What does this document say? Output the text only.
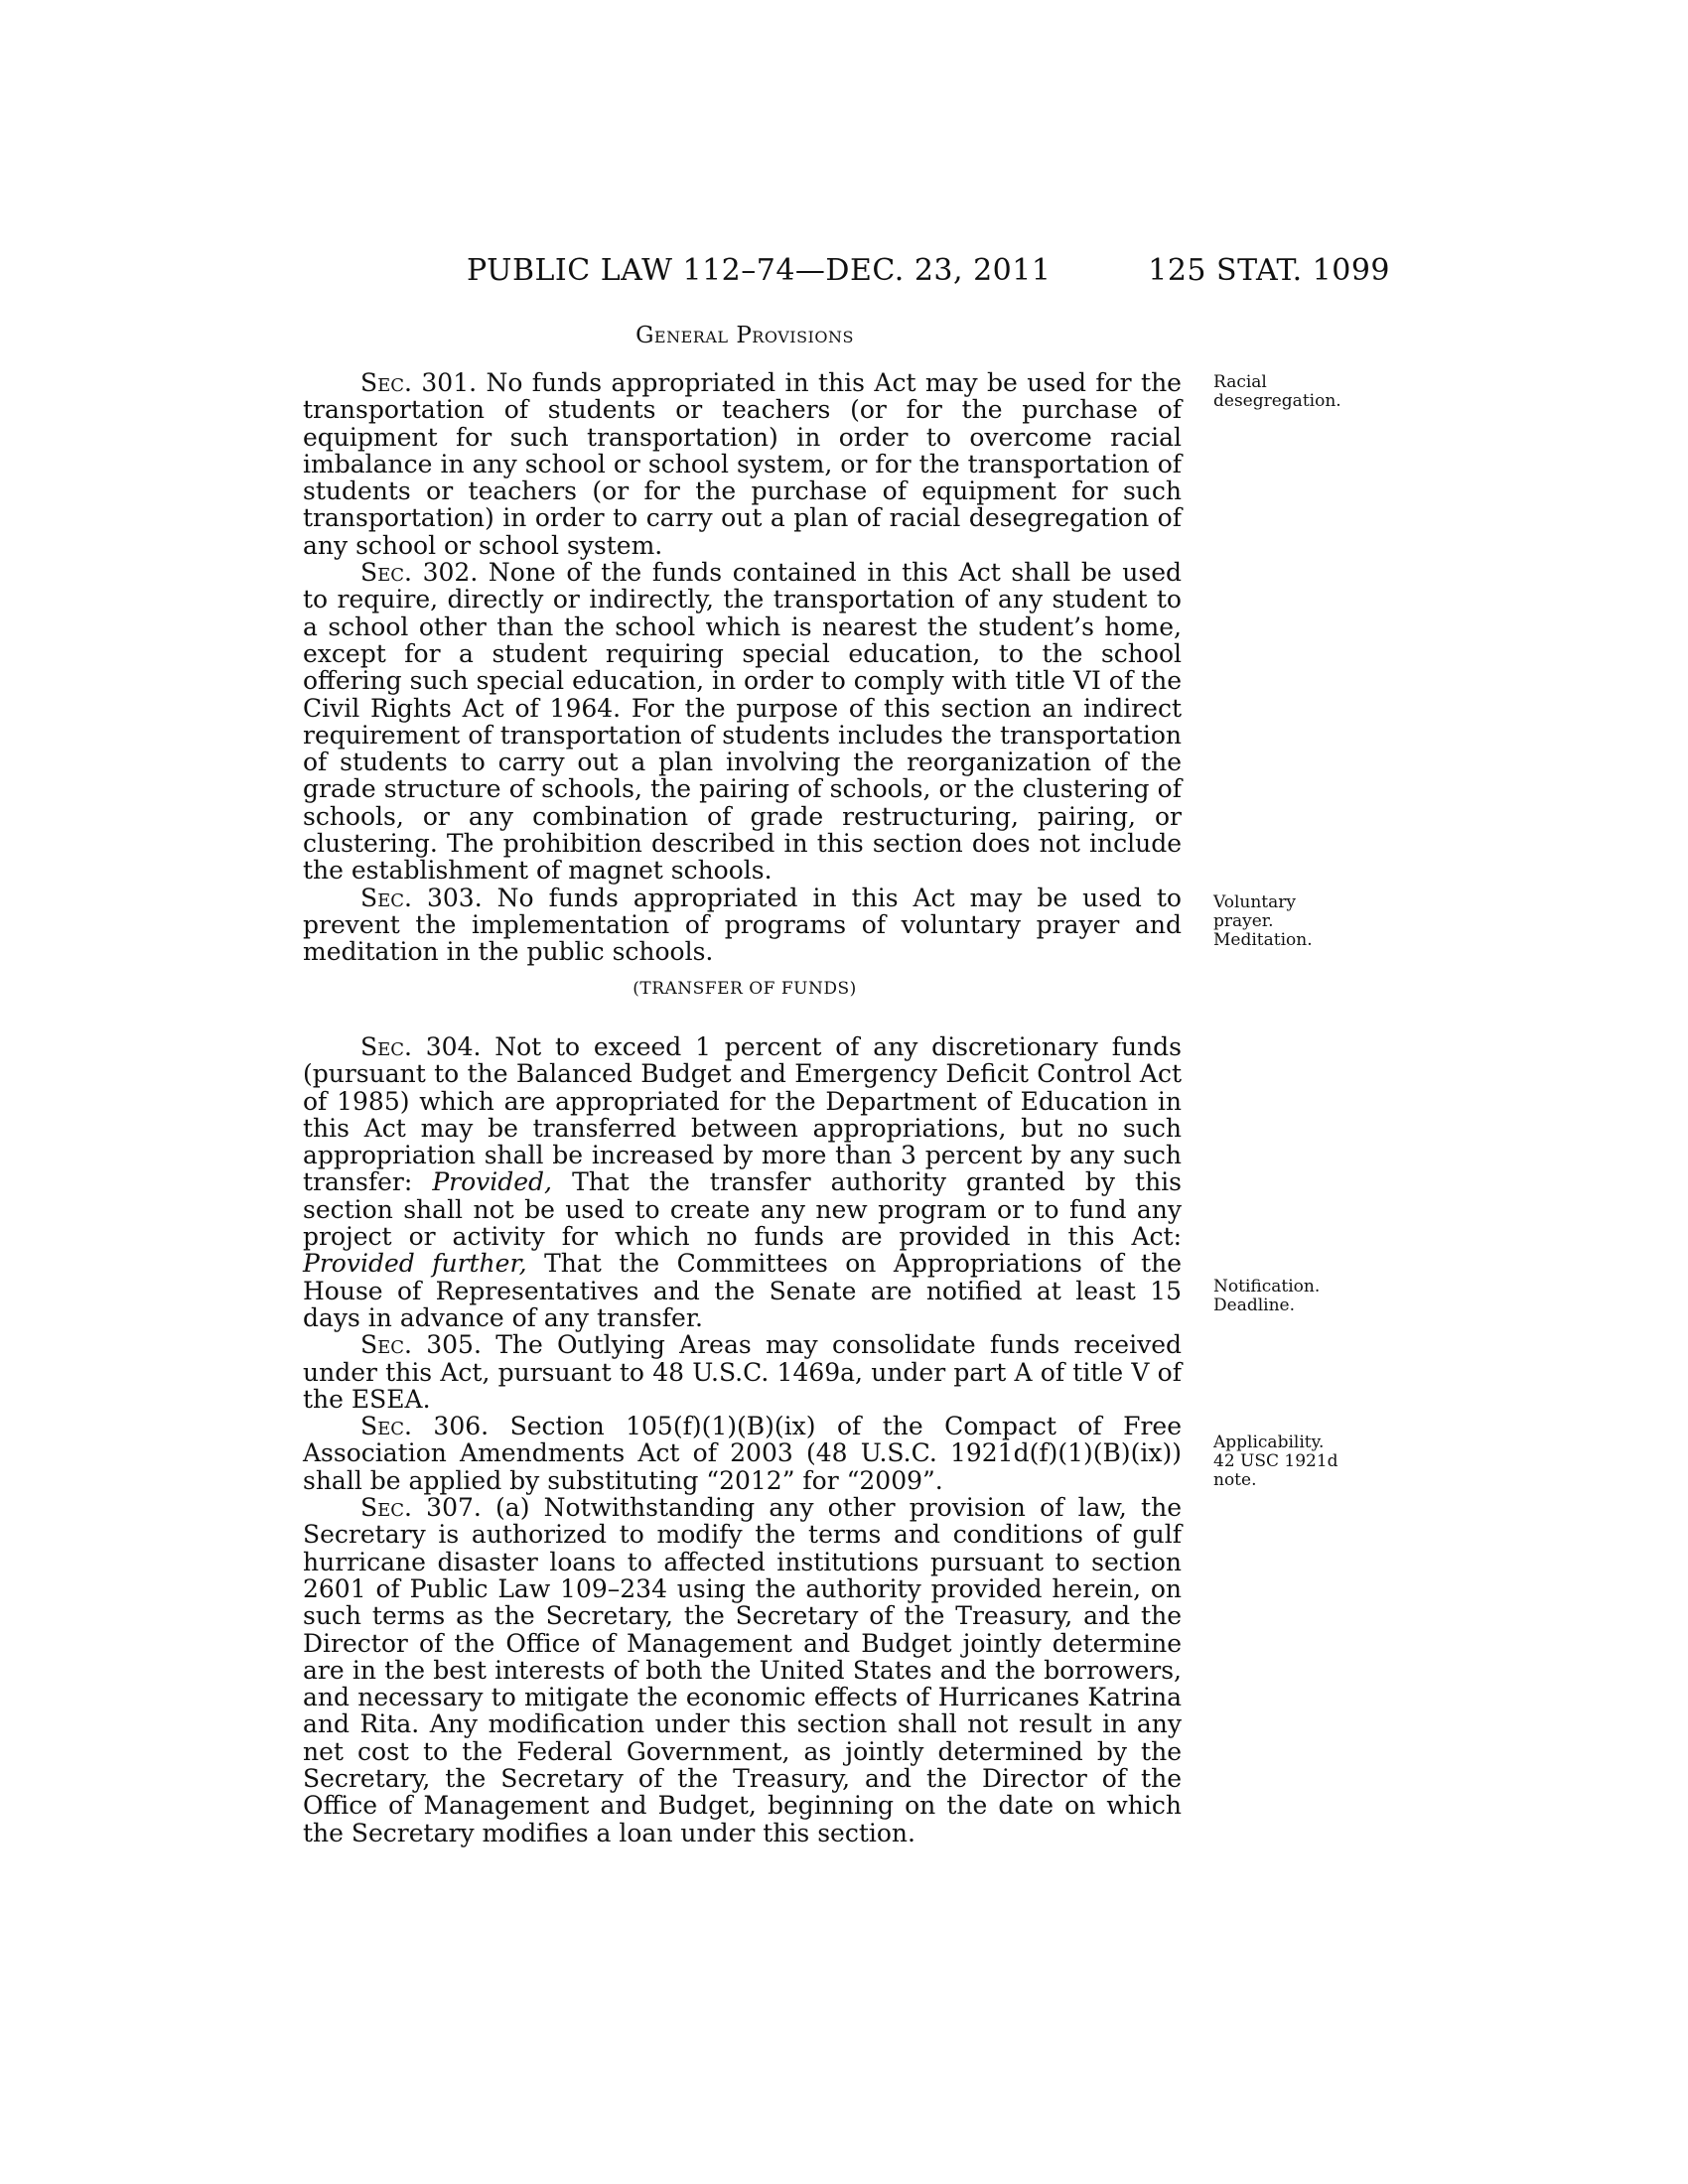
PUBLIC LAW 112–74—DEC. 23, 2011	125 STAT. 1099
General Provisions

Sec. 301. No funds appropriated in this Act may be used for the transportation of students or teachers (or for the purchase of equipment for such transportation) in order to overcome racial imbalance in any school or school system, or for the transportation of students or teachers (or for the purchase of equipment for such transportation) in order to carry out a plan of racial desegregation of any school or school system.

Sec. 302. None of the funds contained in this Act shall be used to require, directly or indirectly, the transportation of any student to a school other than the school which is nearest the student’s home, except for a student requiring special education, to the school offering such special education, in order to comply with title VI of the Civil Rights Act of 1964. For the purpose of this section an indirect requirement of transportation of students includes the transportation of students to carry out a plan involving the reorganization of the grade structure of schools, the pairing of schools, or the clustering of schools, or any combination of grade restructuring, pairing, or clustering. The prohibition described in this section does not include the establishment of magnet schools.

Sec. 303. No funds appropriated in this Act may be used to prevent the implementation of programs of voluntary prayer and meditation in the public schools.

(TRANSFER OF FUNDS)

Sec. 304. Not to exceed 1 percent of any discretionary funds (pursuant to the Balanced Budget and Emergency Deficit Control Act of 1985) which are appropriated for the Department of Education in this Act may be transferred between appropriations, but no such appropriation shall be increased by more than 3 percent by any such transfer: Provided, That the transfer authority granted by this section shall not be used to create any new program or to fund any project or activity for which no funds are provided in this Act: Provided further, That the Committees on Appropriations of the House of Representatives and the Senate are notified at least 15 days in advance of any transfer.

Sec. 305. The Outlying Areas may consolidate funds received under this Act, pursuant to 48 U.S.C. 1469a, under part A of title V of the ESEA.

Sec. 306. Section 105(f)(1)(B)(ix) of the Compact of Free Association Amendments Act of 2003 (48 U.S.C. 1921d(f)(1)(B)(ix)) shall be applied by substituting “2012” for “2009”.

Sec. 307. (a) Notwithstanding any other provision of law, the Secretary is authorized to modify the terms and conditions of gulf hurricane disaster loans to affected institutions pursuant to section 2601 of Public Law 109–234 using the authority provided herein, on such terms as the Secretary, the Secretary of the Treasury, and the Director of the Office of Management and Budget jointly determine are in the best interests of both the United States and the borrowers, and necessary to mitigate the economic effects of Hurricanes Katrina and Rita. Any modification under this section shall not result in any net cost to the Federal Government, as jointly determined by the Secretary, the Secretary of the Treasury, and the Director of the Office of Management and Budget, beginning on the date on which the Secretary modifies a loan under this section.

Racial
desegregation.
Voluntary
prayer.
Meditation.
Notification.
Deadline.
Applicability.
42 USC 1921d
note.
